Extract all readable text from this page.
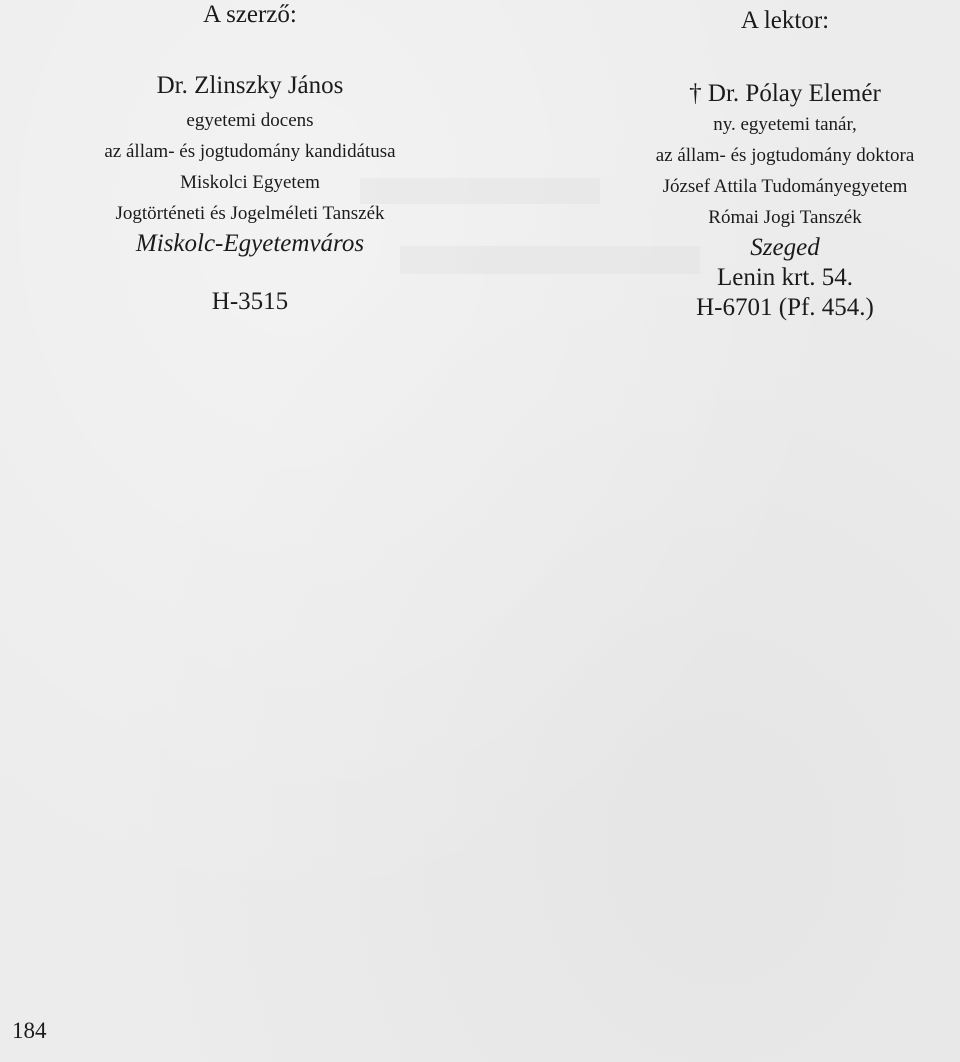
A szerző:
Dr. Zlinszky János
egyetemi docens
az állam- és jogtudomány kandidátusa
Miskolci Egyetem
Jogtörténeti és Jogelméleti Tanszék
Miskolc-Egyetemváros
H-3515
A lektor:
† Dr. Pólay Elemér
ny. egyetemi tanár,
az állam- és jogtudomány doktora
József Attila Tudományegyetem
Római Jogi Tanszék
Szeged
Lenin krt. 54.
H-6701 (Pf. 454.)
184
